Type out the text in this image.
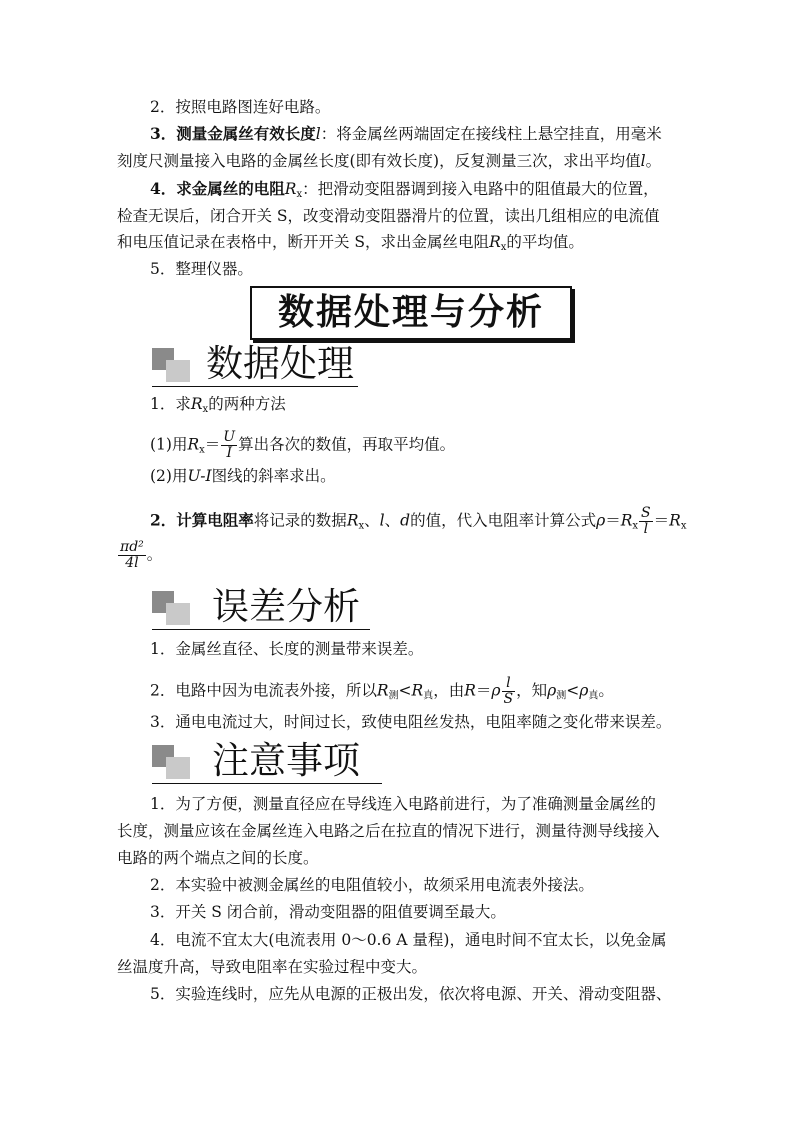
2．按照电路图连好电路。
3．测量金属丝有效长度l：将金属丝两端固定在接线柱上悬空挂直，用毫米
刻度尺测量接入电路的金属丝长度(即有效长度)，反复测量三次，求出平均值l。
4．求金属丝的电阻$R_x$：把滑动变阻器调到接入电路中的阻值最大的位置，
检查无误后，闭合开关 S，改变滑动变阻器滑片的位置，读出几组相应的电流值
和电压值记录在表格中，断开开关 S，求出金属丝电阻$R_x$的平均值。
5．整理仪器。
数据处理与分析
数据处理
1．求$R_x$的两种方法
(1)用$R_x= \frac{U}{I}$ 算出各次的数值，再取平均值。
(2)用U-I图线的斜率求出。
2．计算电阻率将记录的数据$R_x$、l、d的值，代入电阻率计算公式$\rho=R_x \frac{S}{l} =R_x$
$\frac{\text{πd²}}{4l}$ 。
误差分析
1．金属丝直径、长度的测量带来误差。
2．电路中因为电流表外接，所以$R_测<R_真$，由$R=\rho \frac{l}{S}$ ，知$\rho_测<\rho_真$。
3．通电电流过大，时间过长，致使电阻丝发热，电阻率随之变化带来误差。
注意事项
1．为了方便，测量直径应在导线连入电路前进行，为了准确测量金属丝的
长度，测量应该在金属丝连入电路之后在拉直的情况下进行，测量待测导线接入
电路的两个端点之间的长度。
2．本实验中被测金属丝的电阻值较小，故须采用电流表外接法。
3．开关 S 闭合前，滑动变阻器的阻值要调至最大。
4．电流不宜太大(电流表用 0～0.6 A 量程)，通电时间不宜太长，以免金属
丝温度升高，导致电阻率在实验过程中变大。
5．实验连线时，应先从电源的正极出发，依次将电源、开关、滑动变阻器、
